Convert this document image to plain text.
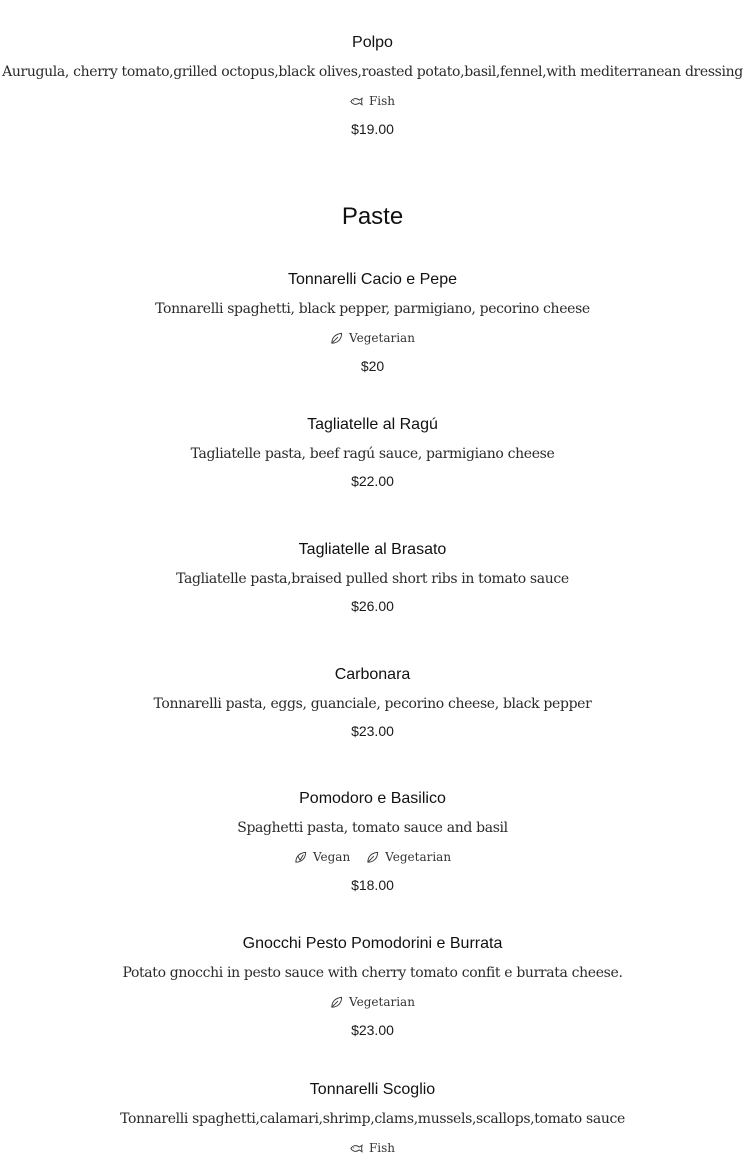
Polpo
Aurugula, cherry tomato,grilled octopus,black olives,roasted potato,basil,fennel,with mediterranean dressing
Fish
$19.00
Paste
Tonnarelli Cacio e Pepe
Tonnarelli spaghetti, black pepper, parmigiano, pecorino cheese
Vegetarian
$20
Tagliatelle al Ragú
Tagliatelle pasta, beef ragú sauce, parmigiano cheese
$22.00
Tagliatelle al Brasato
Tagliatelle pasta,braised pulled short ribs in tomato sauce
$26.00
Carbonara
Tonnarelli pasta, eggs, guanciale, pecorino cheese, black pepper
$23.00
Pomodoro e Basilico
Spaghetti pasta, tomato sauce and basil
Vegan	Vegetarian
$18.00
Gnocchi Pesto Pomodorini e Burrata
Potato gnocchi in pesto sauce with cherry tomato confit e burrata cheese.
Vegetarian
$23.00
Tonnarelli Scoglio
Tonnarelli spaghetti,calamari,shrimp,clams,mussels,scallops,tomato sauce
Fish
